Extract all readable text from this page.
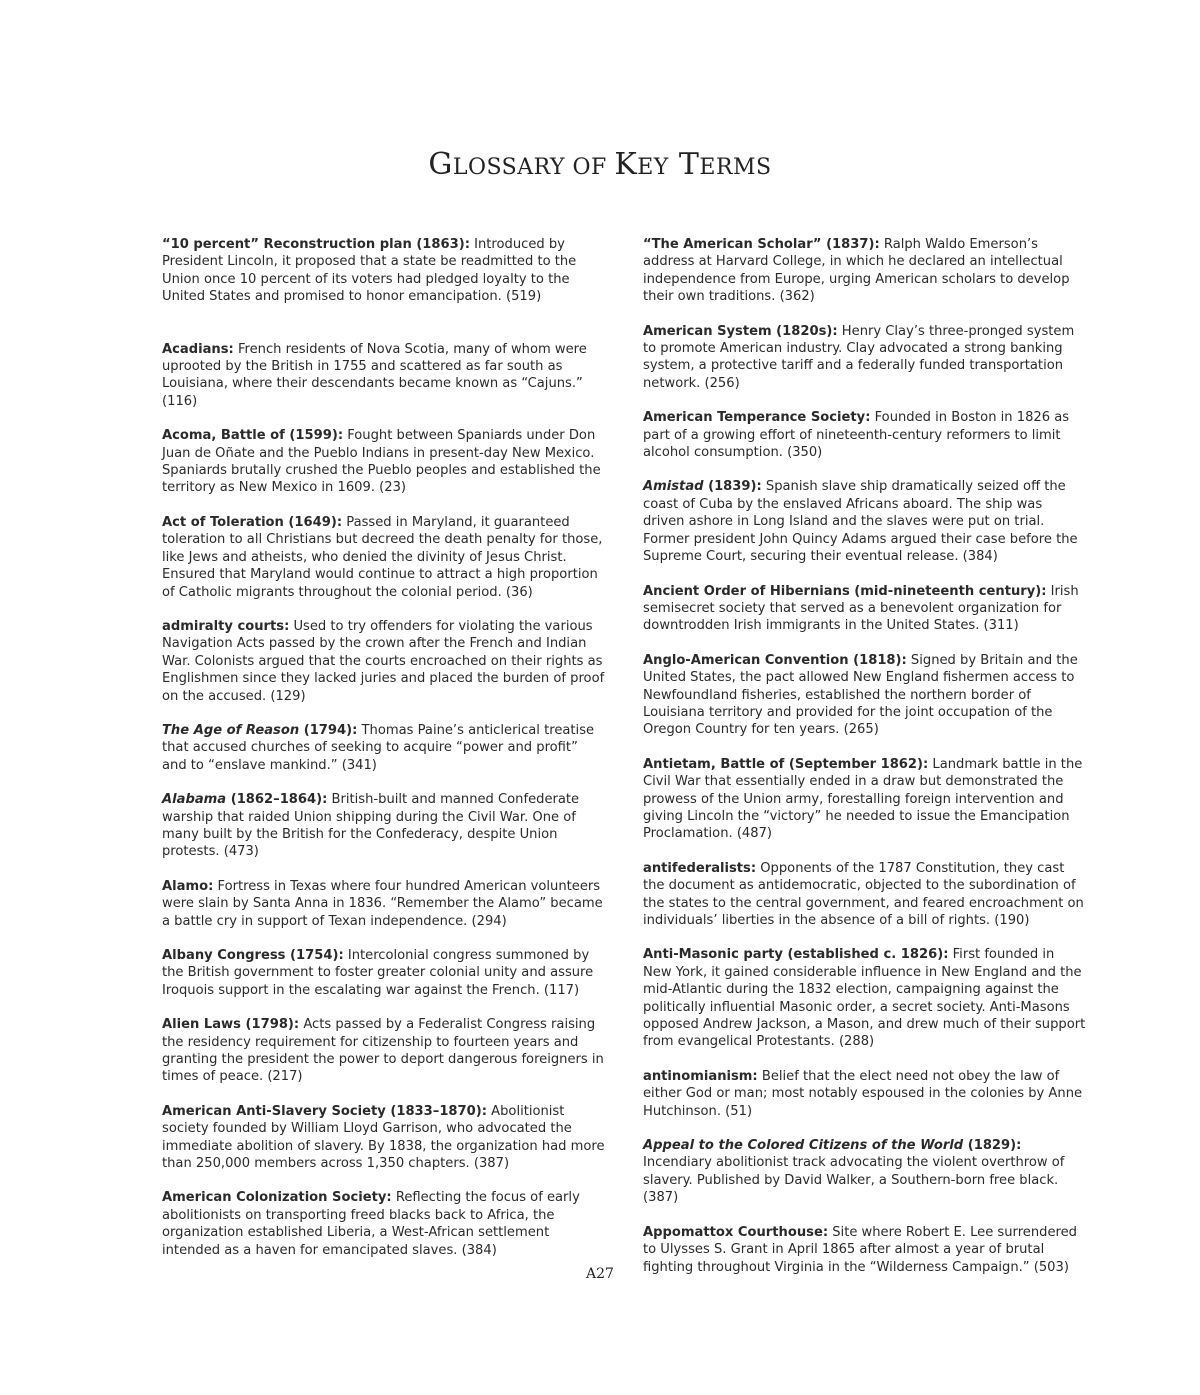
GLOSSARY OF KEY TERMS

“10 percent” Reconstruction plan (1863): Introduced by President Lincoln, it proposed that a state be readmitted to the Union once 10 percent of its voters had pledged loyalty to the United States and promised to honor emancipation. (519)

Acadians: French residents of Nova Scotia, many of whom were uprooted by the British in 1755 and scattered as far south as Louisiana, where their descendants became known as “Cajuns.” (116)

Acoma, Battle of (1599): Fought between Spaniards under Don Juan de Oñate and the Pueblo Indians in present-day New Mexico. Spaniards brutally crushed the Pueblo peoples and established the territory as New Mexico in 1609. (23)

Act of Toleration (1649): Passed in Maryland, it guaranteed toleration to all Christians but decreed the death penalty for those, like Jews and atheists, who denied the divinity of Jesus Christ. Ensured that Maryland would continue to attract a high proportion of Catholic migrants throughout the colonial period. (36)

admiralty courts: Used to try offenders for violating the various Navigation Acts passed by the crown after the French and Indian War. Colonists argued that the courts encroached on their rights as Englishmen since they lacked juries and placed the burden of proof on the accused. (129)

The Age of Reason (1794): Thomas Paine’s anticlerical treatise that accused churches of seeking to acquire “power and profit” and to “enslave mankind.” (341)

Alabama (1862–1864): British-built and manned Confederate warship that raided Union shipping during the Civil War. One of many built by the British for the Confederacy, despite Union protests. (473)

Alamo: Fortress in Texas where four hundred American volunteers were slain by Santa Anna in 1836. “Remember the Alamo” became a battle cry in support of Texan independence. (294)

Albany Congress (1754): Intercolonial congress summoned by the British government to foster greater colonial unity and assure Iroquois support in the escalating war against the French. (117)

Alien Laws (1798): Acts passed by a Federalist Congress raising the residency requirement for citizenship to fourteen years and granting the president the power to deport dangerous foreigners in times of peace. (217)

American Anti-Slavery Society (1833–1870): Abolitionist society founded by William Lloyd Garrison, who advocated the immediate abolition of slavery. By 1838, the organization had more than 250,000 members across 1,350 chapters. (387)

American Colonization Society: Reflecting the focus of early abolitionists on transporting freed blacks back to Africa, the organization established Liberia, a West-African settlement intended as a haven for emancipated slaves. (384)

“The American Scholar” (1837): Ralph Waldo Emerson’s address at Harvard College, in which he declared an intellectual independence from Europe, urging American scholars to develop their own traditions. (362)

American System (1820s): Henry Clay’s three-pronged system to promote American industry. Clay advocated a strong banking system, a protective tariff and a federally funded transportation network. (256)

American Temperance Society: Founded in Boston in 1826 as part of a growing effort of nineteenth-century reformers to limit alcohol consumption. (350)

Amistad (1839): Spanish slave ship dramatically seized off the coast of Cuba by the enslaved Africans aboard. The ship was driven ashore in Long Island and the slaves were put on trial. Former president John Quincy Adams argued their case before the Supreme Court, securing their eventual release. (384)

Ancient Order of Hibernians (mid-nineteenth century): Irish semisecret society that served as a benevolent organization for downtrodden Irish immigrants in the United States. (311)

Anglo-American Convention (1818): Signed by Britain and the United States, the pact allowed New England fishermen access to Newfoundland fisheries, established the northern border of Louisiana territory and provided for the joint occupation of the Oregon Country for ten years. (265)

Antietam, Battle of (September 1862): Landmark battle in the Civil War that essentially ended in a draw but demonstrated the prowess of the Union army, forestalling foreign intervention and giving Lincoln the “victory” he needed to issue the Emancipation Proclamation. (487)

antifederalists: Opponents of the 1787 Constitution, they cast the document as antidemocratic, objected to the subordination of the states to the central government, and feared encroachment on individuals’ liberties in the absence of a bill of rights. (190)

Anti-Masonic party (established c. 1826): First founded in New York, it gained considerable influence in New England and the mid-Atlantic during the 1832 election, campaigning against the politically influential Masonic order, a secret society. Anti-Masons opposed Andrew Jackson, a Mason, and drew much of their support from evangelical Protestants. (288)

antinomianism: Belief that the elect need not obey the law of either God or man; most notably espoused in the colonies by Anne Hutchinson. (51)

Appeal to the Colored Citizens of the World (1829): Incendiary abolitionist track advocating the violent overthrow of slavery. Published by David Walker, a Southern-born free black. (387)

Appomattox Courthouse: Site where Robert E. Lee surrendered to Ulysses S. Grant in April 1865 after almost a year of brutal fighting throughout Virginia in the “Wilderness Campaign.” (503)

A27
